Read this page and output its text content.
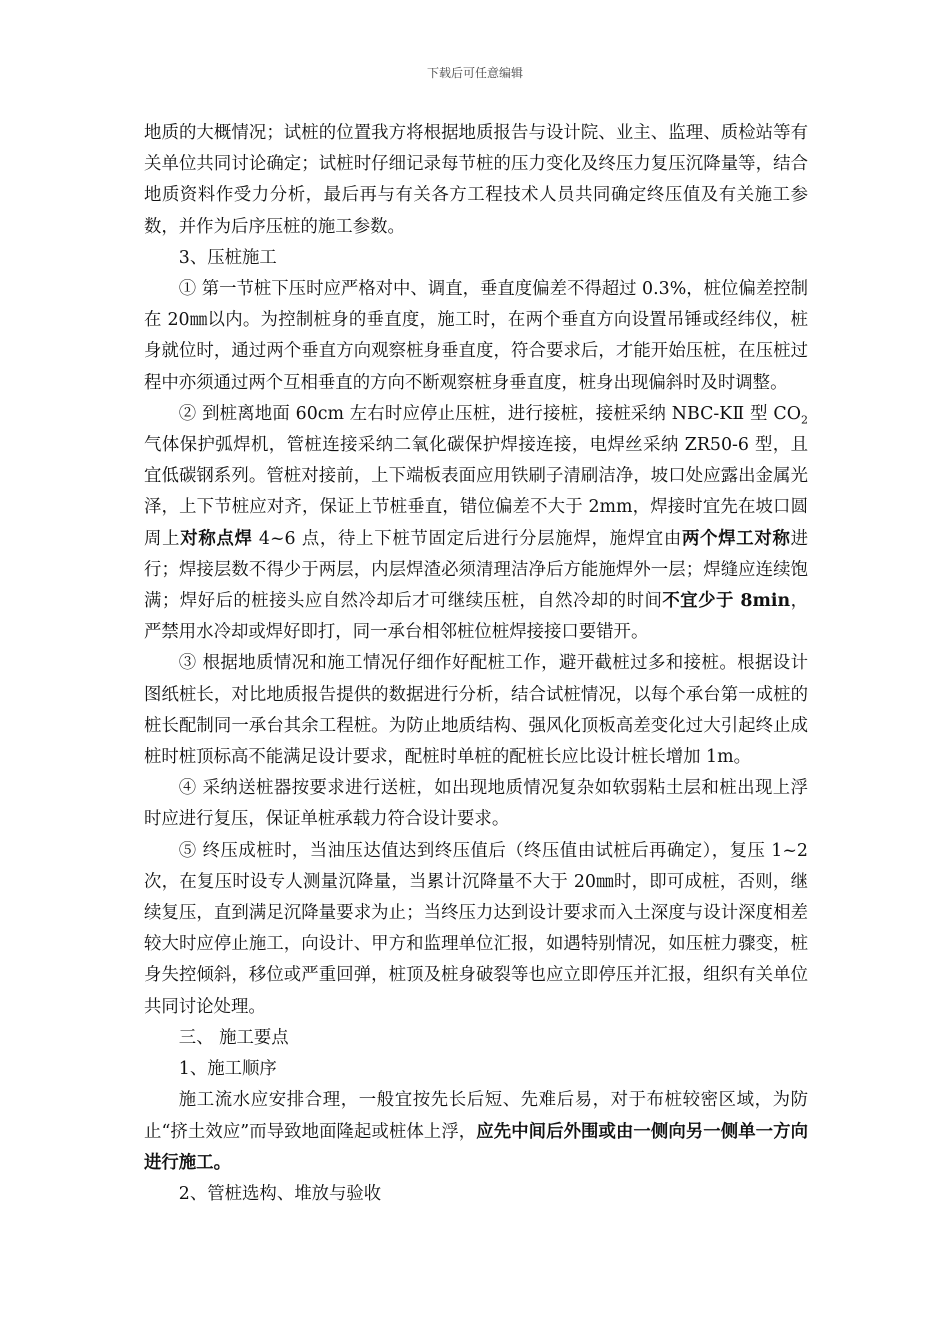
下载后可任意编辑

地质的大概情况；试桩的位置我方将根据地质报告与设计院、业主、监理、质检站等有关单位共同讨论确定；试桩时仔细记录每节桩的压力变化及终压力复压沉降量等，结合地质资料作受力分析，最后再与有关各方工程技术人员共同确定终压值及有关施工参数，并作为后序压桩的施工参数。

3、压桩施工

① 第一节桩下压时应严格对中、调直，垂直度偏差不得超过 0.3%，桩位偏差控制在 20㎜以内。为控制桩身的垂直度，施工时，在两个垂直方向设置吊锤或经纬仪，桩身就位时，通过两个垂直方向观察桩身垂直度，符合要求后，才能开始压桩，在压桩过程中亦须通过两个互相垂直的方向不断观察桩身垂直度，桩身出现偏斜时及时调整。

② 到桩离地面 60cm 左右时应停止压桩，进行接桩，接桩采纳 NBC-KⅡ 型 $CO_2$气体保护弧焊机，管桩连接采纳二氧化碳保护焊接连接，电焊丝采纳 ZR50-6 型，且宜低碳钢系列。管桩对接前，上下端板表面应用铁刷子清刷洁净，坡口处应露出金属光泽，上下节桩应对齐，保证上节桩垂直，错位偏差不大于 2mm，焊接时宜先在坡口圆周上对称点焊 4~6 点，待上下桩节固定后进行分层施焊，施焊宜由两个焊工对称进行；焊接层数不得少于两层，内层焊渣必须清理洁净后方能施焊外一层；焊缝应连续饱满；焊好后的桩接头应自然冷却后才可继续压桩，自然冷却的时间不宜少于 8min，严禁用水冷却或焊好即打，同一承台相邻桩位桩焊接接口要错开。

③ 根据地质情况和施工情况仔细作好配桩工作，避开截桩过多和接桩。根据设计图纸桩长，对比地质报告提供的数据进行分析，结合试桩情况，以每个承台第一成桩的桩长配制同一承台其余工程桩。为防止地质结构、强风化顶板高差变化过大引起终止成桩时桩顶标高不能满足设计要求，配桩时单桩的配桩长应比设计桩长增加 1m。

④ 采纳送桩器按要求进行送桩，如出现地质情况复杂如软弱粘土层和桩出现上浮时应进行复压，保证单桩承载力符合设计要求。

⑤ 终压成桩时，当油压达值达到终压值后（终压值由试桩后再确定），复压 1~2 次，在复压时设专人测量沉降量，当累计沉降量不大于 20㎜时，即可成桩，否则，继续复压，直到满足沉降量要求为止；当终压力达到设计要求而入土深度与设计深度相差较大时应停止施工，向设计、甲方和监理单位汇报，如遇特别情况，如压桩力骤变，桩身失控倾斜，移位或严重回弹，桩顶及桩身破裂等也应立即停压并汇报，组织有关单位共同讨论处理。

三、 施工要点

1、施工顺序

施工流水应安排合理，一般宜按先长后短、先难后易，对于布桩较密区域，为防止“挤土效应”而导致地面隆起或桩体上浮，应先中间后外围或由一侧向另一侧单一方向进行施工。

2、管桩选构、堆放与验收
